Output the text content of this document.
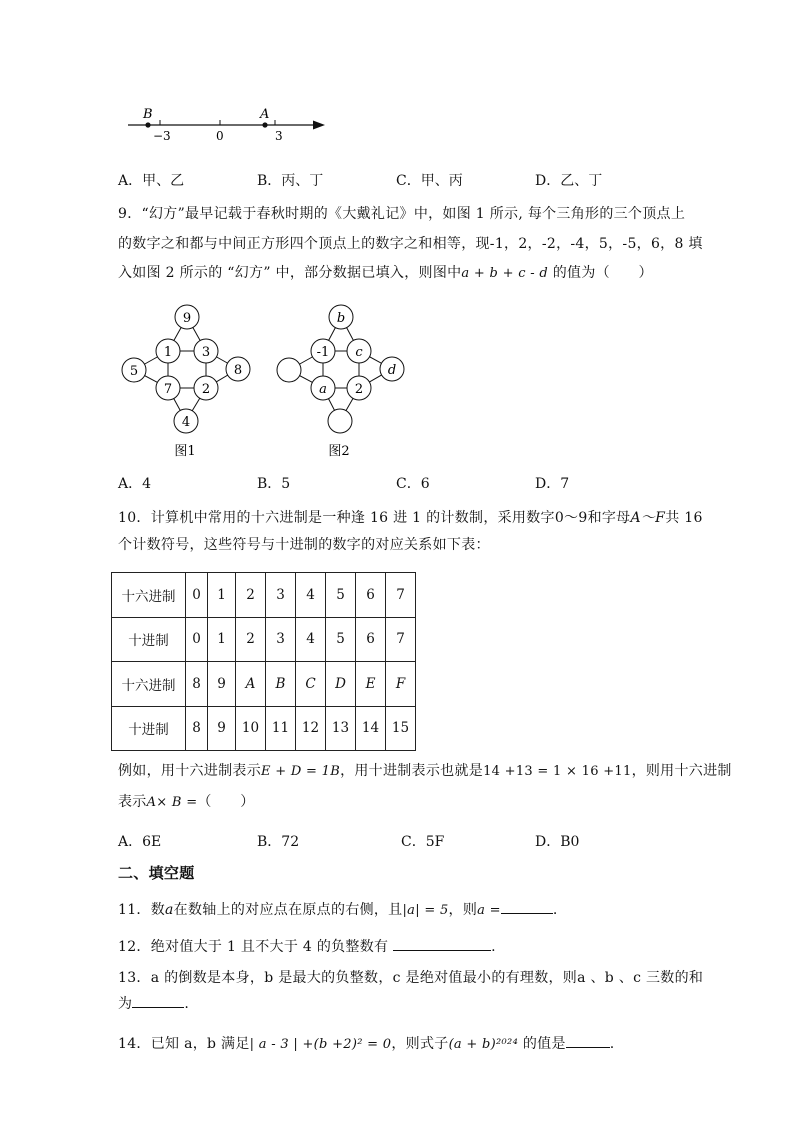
B	A
−3	0	3
A．甲、乙	B．丙、丁	C．甲、丙	D．乙、丁
9．“幻方”最早记载于春秋时期的《大戴礼记》中，如图 1 所示, 每个三角形的三个顶点上
的数字之和都与中间正方形四个顶点上的数字之和相等，现-1，2，-2，-4，5，-5，6，8 填
入如图 2 所示的 “幻方” 中，部分数据已填入，则图中a + b + c - d 的值为（　　）
9
1 3
5	8
7 2
4
图1
b
-1 c
d
a 2
图2
A．4	B．5	C．6	D．7
10．计算机中常用的十六进制是一种逢 16 进 1 的计数制，采用数字0～9和字母A～F共 16
个计数符号，这些符号与十进制的数字的对应关系如下表：
十六进制	0	1	2	3	4	5	6	7
十进制	0	1	2	3	4	5	6	7
十六进制	8	9	A	B	C	D	E	F
十进制	8	9	10	11	12	13	14	15
例如，用十六进制表示E + D = 1B，用十进制表示也就是14 +13 = 1 × 16 +11，则用十六进制
表示A× B =（　　）
A．6E	B．72	C．5F	D．B0
二、填空题
11．数a在数轴上的对应点在原点的右侧，且|a| = 5，则a =	.
12．绝对值大于 1 且不大于 4 的负整数有	.
13．a 的倒数是本身，b 是最大的负整数，c 是绝对值最小的有理数，则a 、b 、c 三数的和
为	.
14．已知 a，b 满足| a - 3 | +(b +2)² = 0，则式子(a + b)²⁰²⁴ 的值是	.
